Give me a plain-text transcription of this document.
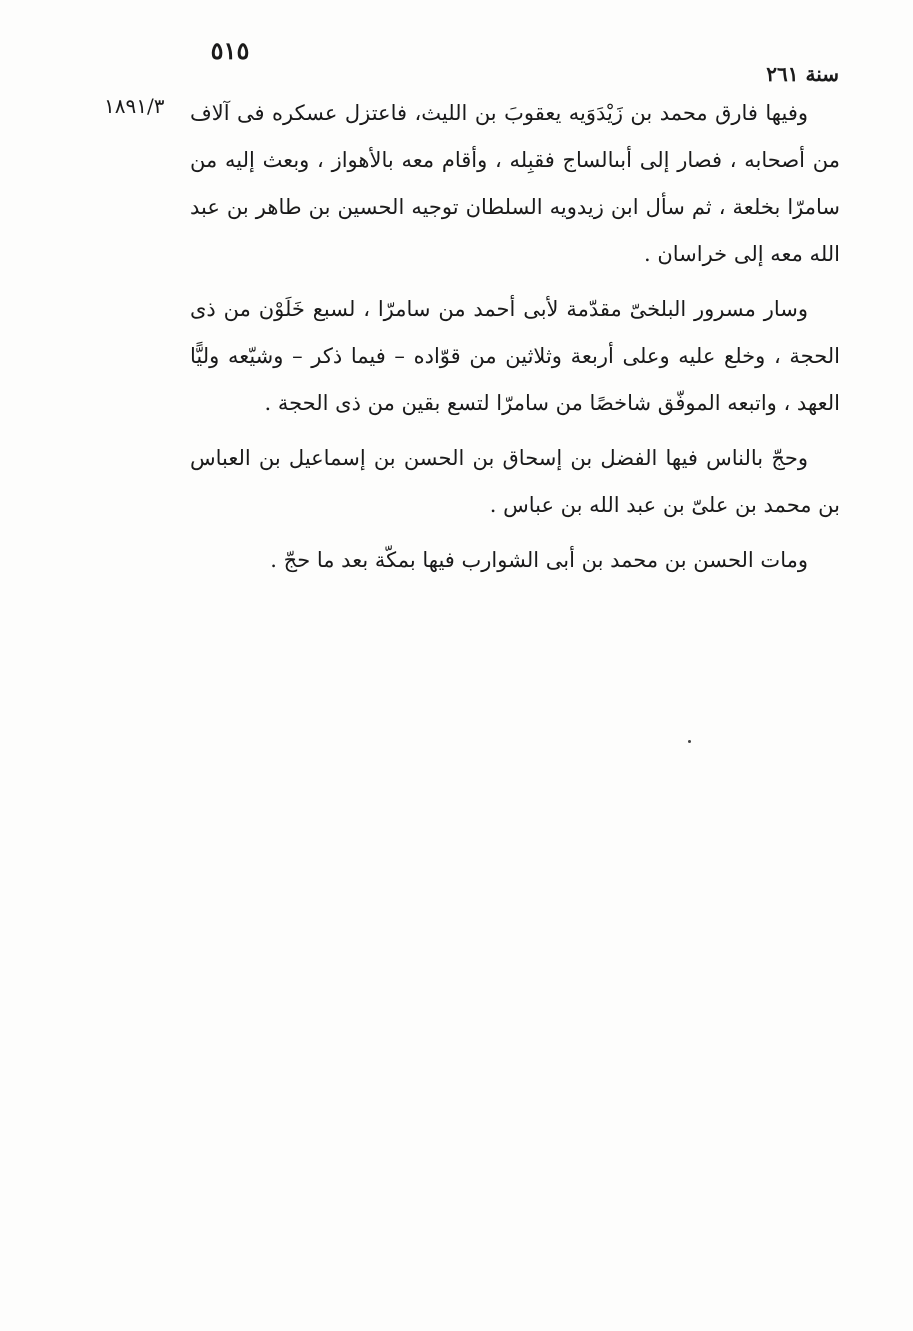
٥١٥
سنة ٢٦١
١٨٩١/٣ وفيها فارق محمد بن زَيْدَوَيه يعقوبَ بن الليث، فاعتزل عسكره فى آلاف من أصحابه ، فصار إلى أبىالساج فقبِله ، وأقام معه بالأهواز ، وبعث إليه من سامرّا بخلعة ، ثم سأل ابن زيدويه السلطان توجيه الحسين بن طاهر بن عبد الله معه إلى خراسان .

وسار مسرور البلخىّ مقدّمة لأبى أحمد من سامرّا ، لسبع خَلَوْن من ذى الحجة ، وخلع عليه وعلى أربعة وثلاثين من قوّاده – فيما ذكر – وشيّعه وليًّا العهد ، واتبعه الموفّق شاخصًا من سامرّا لتسع بقين من ذى الحجة .

وحجّ بالناس فيها الفضل بن إسحاق بن الحسن بن إسماعيل بن العباس بن محمد بن علىّ بن عبد الله بن عباس .

ومات الحسن بن محمد بن أبى الشوارب فيها بمكّة بعد ما حجّ .
